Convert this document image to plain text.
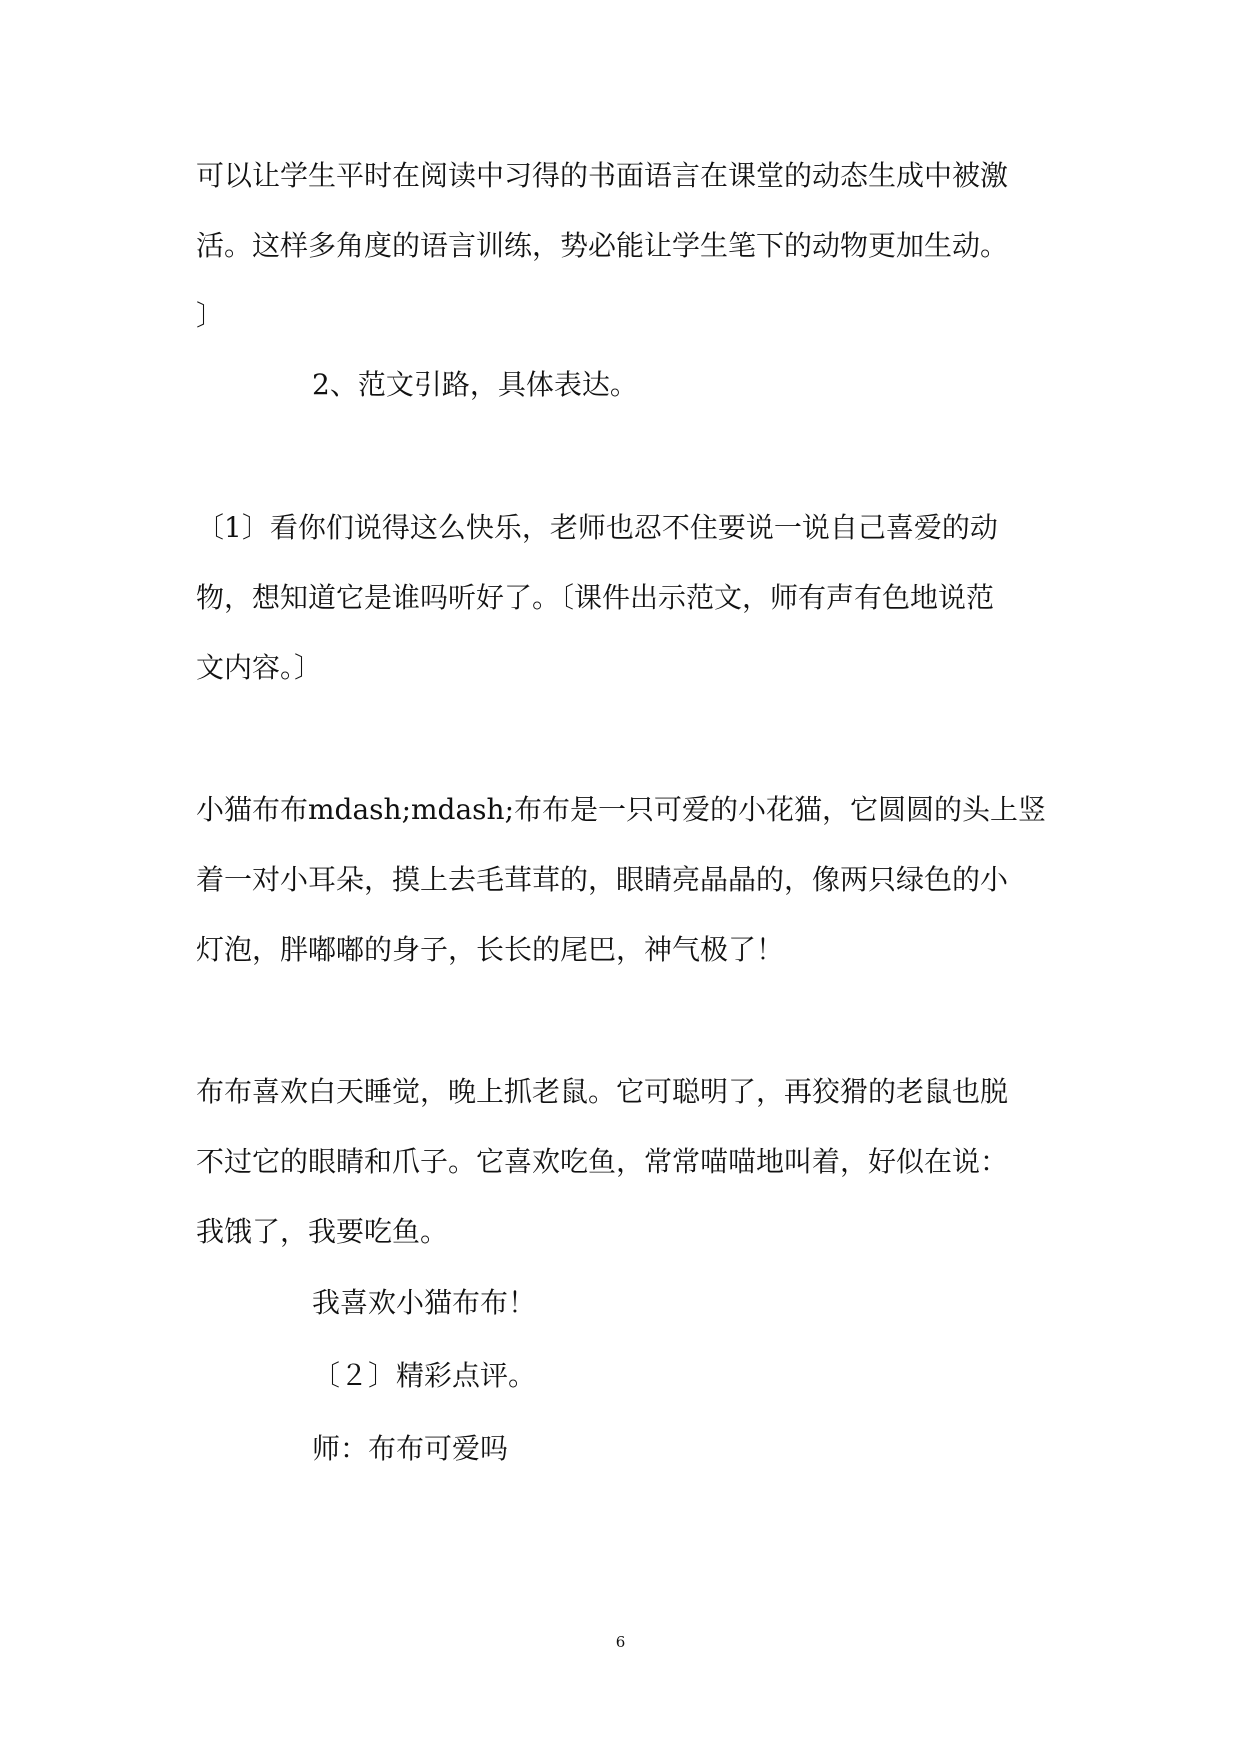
可以让学生平时在阅读中习得的书面语言在课堂的动态生成中被激
活。这样多角度的语言训练，势必能让学生笔下的动物更加生动。
〕
2、范文引路，具体表达。
〔1〕看你们说得这么快乐，老师也忍不住要说一说自己喜爱的动
物，想知道它是谁吗听好了。〔课件出示范文，师有声有色地说范
文内容。〕
小猫布布mdash;mdash;布布是一只可爱的小花猫，它圆圆的头上竖
着一对小耳朵，摸上去毛茸茸的，眼睛亮晶晶的，像两只绿色的小
灯泡，胖嘟嘟的身子，长长的尾巴，神气极了！
布布喜欢白天睡觉，晚上抓老鼠。它可聪明了，再狡猾的老鼠也脱
不过它的眼睛和爪子。它喜欢吃鱼，常常喵喵地叫着，好似在说：
我饿了，我要吃鱼。
我喜欢小猫布布！
〔２〕精彩点评。
师：布布可爱吗
6
